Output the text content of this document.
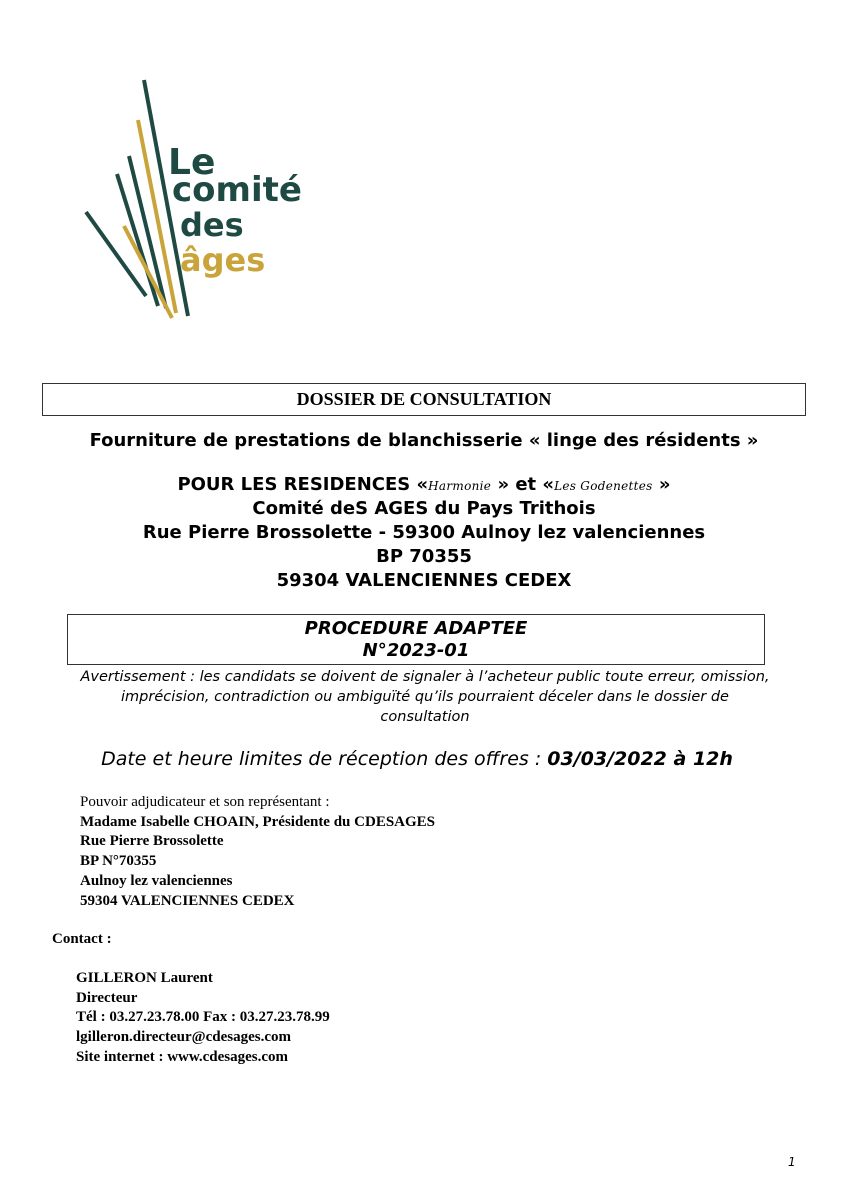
Le
comité
des
âges
DOSSIER DE CONSULTATION
Fourniture de prestations de blanchisserie « linge des résidents »
POUR LES RESIDENCES «Harmonie » et «Les Godenettes »
Comité deS AGES du Pays Trithois
Rue Pierre Brossolette - 59300 Aulnoy lez valenciennes
BP 70355
59304 VALENCIENNES CEDEX
PROCEDURE ADAPTEE
N°2023-01
Avertissement : les candidats se doivent de signaler à l’acheteur public toute erreur, omission, imprécision, contradiction ou ambiguïté qu’ils pourraient déceler dans le dossier de consultation
Date et heure limites de réception des offres : 03/03/2022 à 12h
Pouvoir adjudicateur et son représentant :
Madame Isabelle CHOAIN, Présidente du CDESAGES
Rue Pierre Brossolette
BP N°70355
Aulnoy lez valenciennes
59304 VALENCIENNES CEDEX
Contact :
GILLERON Laurent
Directeur
Tél : 03.27.23.78.00 Fax : 03.27.23.78.99
lgilleron.directeur@cdesages.com
Site internet : www.cdesages.com
1
